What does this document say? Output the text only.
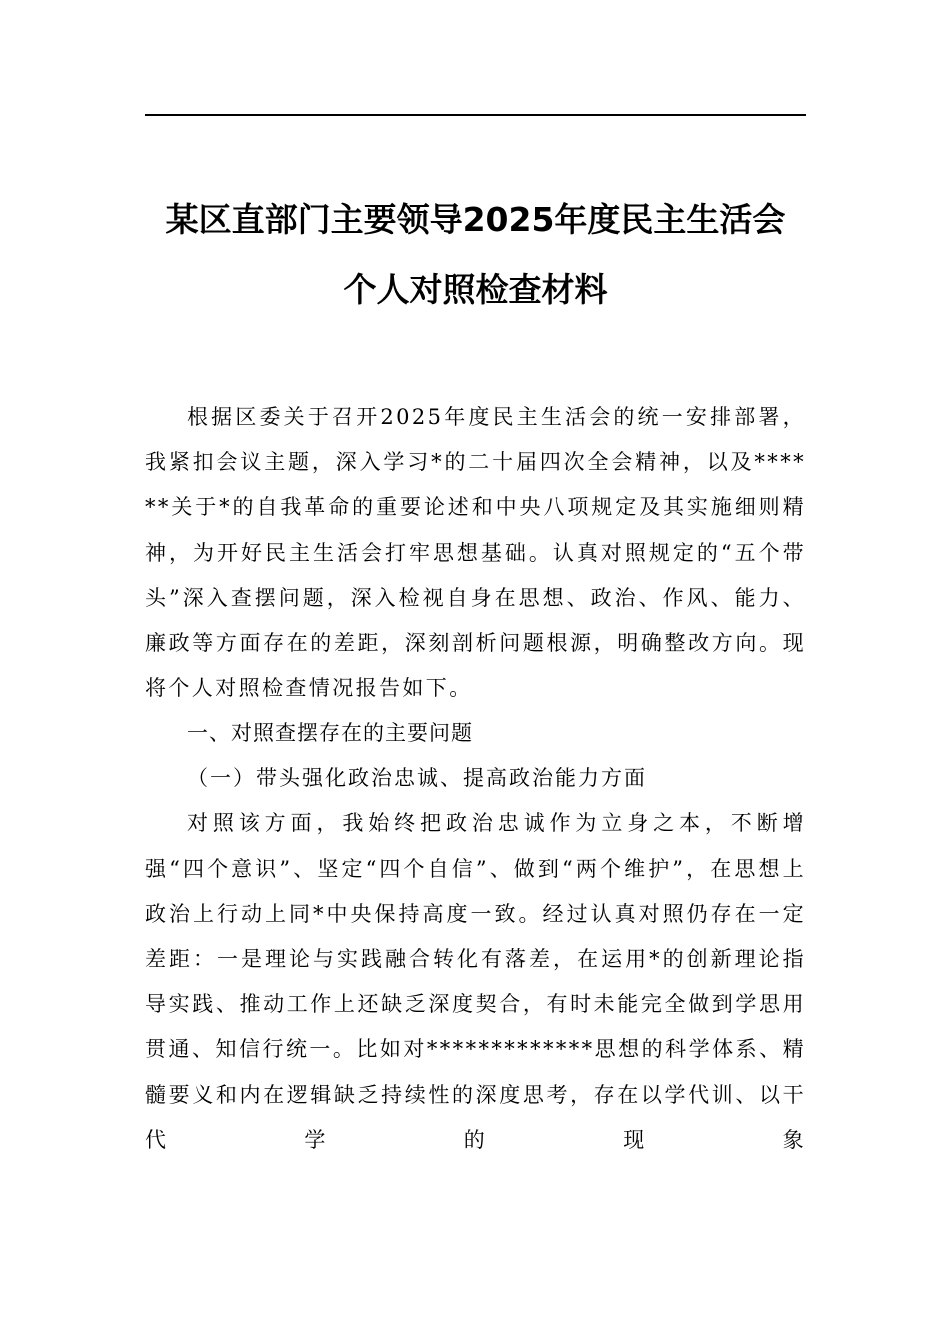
某区直部门主要领导2025年度民主生活会
个人对照检查材料

根据区委关于召开2025年度民主生活会的统一安排部署，我紧扣会议主题，深入学习*的二十届四次全会精神，以及******关于*的自我革命的重要论述和中央八项规定及其实施细则精神，为开好民主生活会打牢思想基础。认真对照规定的“五个带头”深入查摆问题，深入检视自身在思想、政治、作风、能力、廉政等方面存在的差距，深刻剖析问题根源，明确整改方向。现将个人对照检查情况报告如下。

一、对照查摆存在的主要问题

（一）带头强化政治忠诚、提高政治能力方面

对照该方面，我始终把政治忠诚作为立身之本，不断增强“四个意识”、坚定“四个自信”、做到“两个维护”，在思想上政治上行动上同*中央保持高度一致。经过认真对照仍存在一定差距：一是理论与实践融合转化有落差，在运用*的创新理论指导实践、推动工作上还缺乏深度契合，有时未能完全做到学思用贯通、知信行统一。比如对*************思想的科学体系、精髓要义和内在逻辑缺乏持续性的深度思考，存在以学代训、以干代学的现象
